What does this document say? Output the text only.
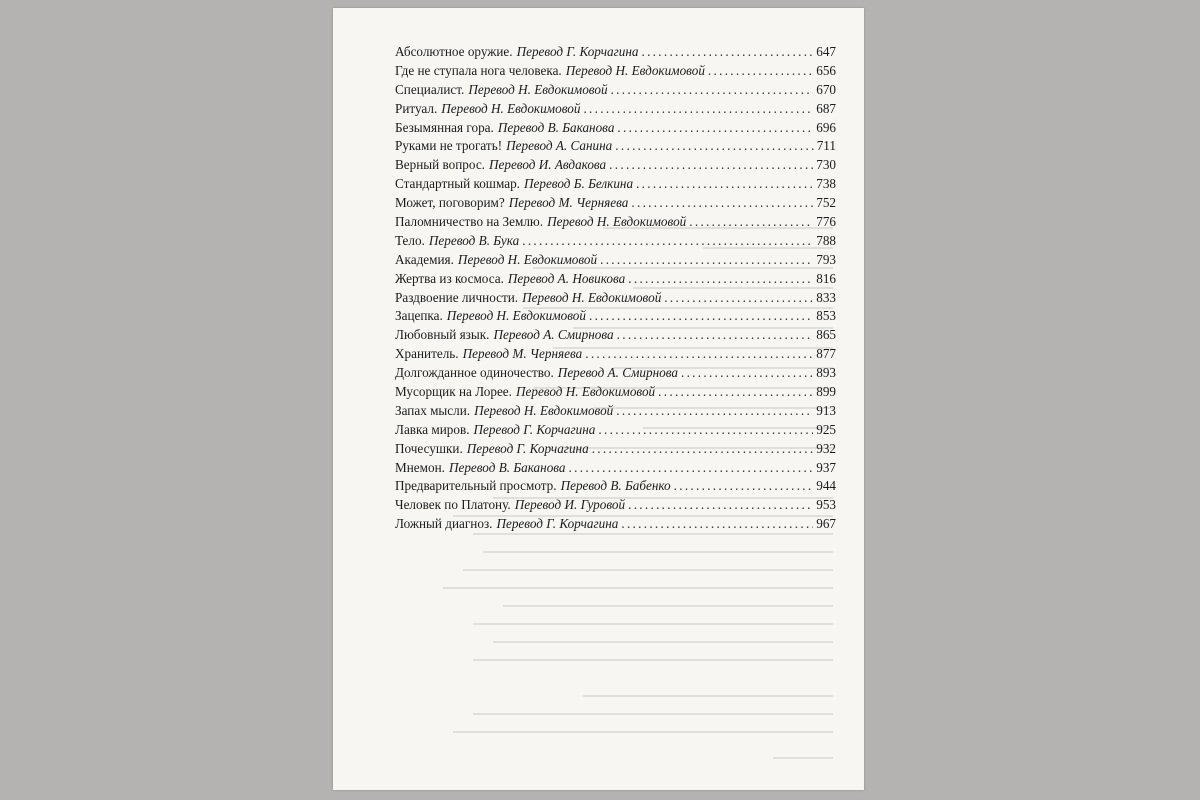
Абсолютное оружие. Перевод Г. Корчагина . . .	647
Где не ступала нога человека. Перевод Н. Евдокимовой . . .	656
Специалист. Перевод Н. Евдокимовой . . .	670
Ритуал. Перевод Н. Евдокимовой . . .	687
Безымянная гора. Перевод В. Баканова . . .	696
Руками не трогать! Перевод А. Санина . . .	711
Верный вопрос. Перевод И. Авдакова . . .	730
Стандартный кошмар. Перевод Б. Белкина . . .	738
Может, поговорим? Перевод М. Черняева . . .	752
Паломничество на Землю. Перевод Н. Евдокимовой . . .	776
Тело. Перевод В. Бука . . .	788
Академия. Перевод Н. Евдокимовой . . .	793
Жертва из космоса. Перевод А. Новикова . . .	816
Раздвоение личности. Перевод Н. Евдокимовой . . .	833
Зацепка. Перевод Н. Евдокимовой . . .	853
Любовный язык. Перевод А. Смирнова . . .	865
Хранитель. Перевод М. Черняева . . .	877
Долгожданное одиночество. Перевод А. Смирнова . . .	893
Мусорщик на Лорее. Перевод Н. Евдокимовой . . .	899
Запах мысли. Перевод Н. Евдокимовой . . .	913
Лавка миров. Перевод Г. Корчагина . . .	925
Почесушки. Перевод Г. Корчагина . . .	932
Мнемон. Перевод В. Баканова . . .	937
Предварительный просмотр. Перевод В. Бабенко . . .	944
Человек по Платону. Перевод И. Гуровой . . .	953
Ложный диагноз. Перевод Г. Корчагина . . .	967
